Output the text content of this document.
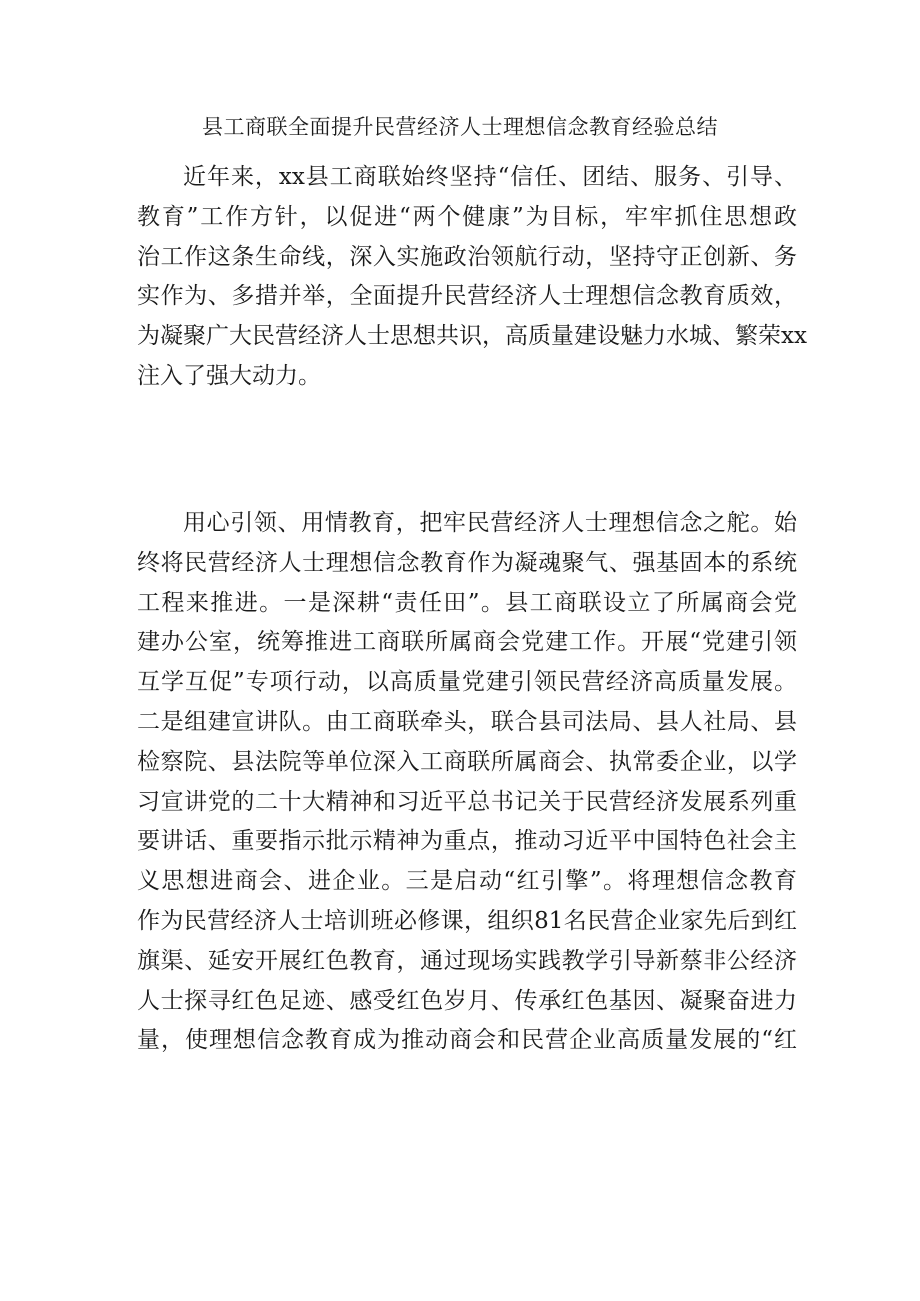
县工商联全面提升民营经济人士理想信念教育经验总结
近年来，xx县工商联始终坚持“信任、团结、服务、引导、
教育”工作方针，以促进“两个健康”为目标，牢牢抓住思想政
治工作这条生命线，深入实施政治领航行动，坚持守正创新、务
实作为、多措并举，全面提升民营经济人士理想信念教育质效，
为凝聚广大民营经济人士思想共识，高质量建设魅力水城、繁荣xx
注入了强大动力。
用心引领、用情教育，把牢民营经济人士理想信念之舵。始
终将民营经济人士理想信念教育作为凝魂聚气、强基固本的系统
工程来推进。一是深耕“责任田”。县工商联设立了所属商会党
建办公室，统筹推进工商联所属商会党建工作。开展“党建引领
互学互促”专项行动，以高质量党建引领民营经济高质量发展。
二是组建宣讲队。由工商联牵头，联合县司法局、县人社局、县
检察院、县法院等单位深入工商联所属商会、执常委企业，以学
习宣讲党的二十大精神和习近平总书记关于民营经济发展系列重
要讲话、重要指示批示精神为重点，推动习近平中国特色社会主
义思想进商会、进企业。三是启动“红引擎”。将理想信念教育
作为民营经济人士培训班必修课，组织81名民营企业家先后到红
旗渠、延安开展红色教育，通过现场实践教学引导新蔡非公经济
人士探寻红色足迹、感受红色岁月、传承红色基因、凝聚奋进力
量，使理想信念教育成为推动商会和民营企业高质量发展的“红
